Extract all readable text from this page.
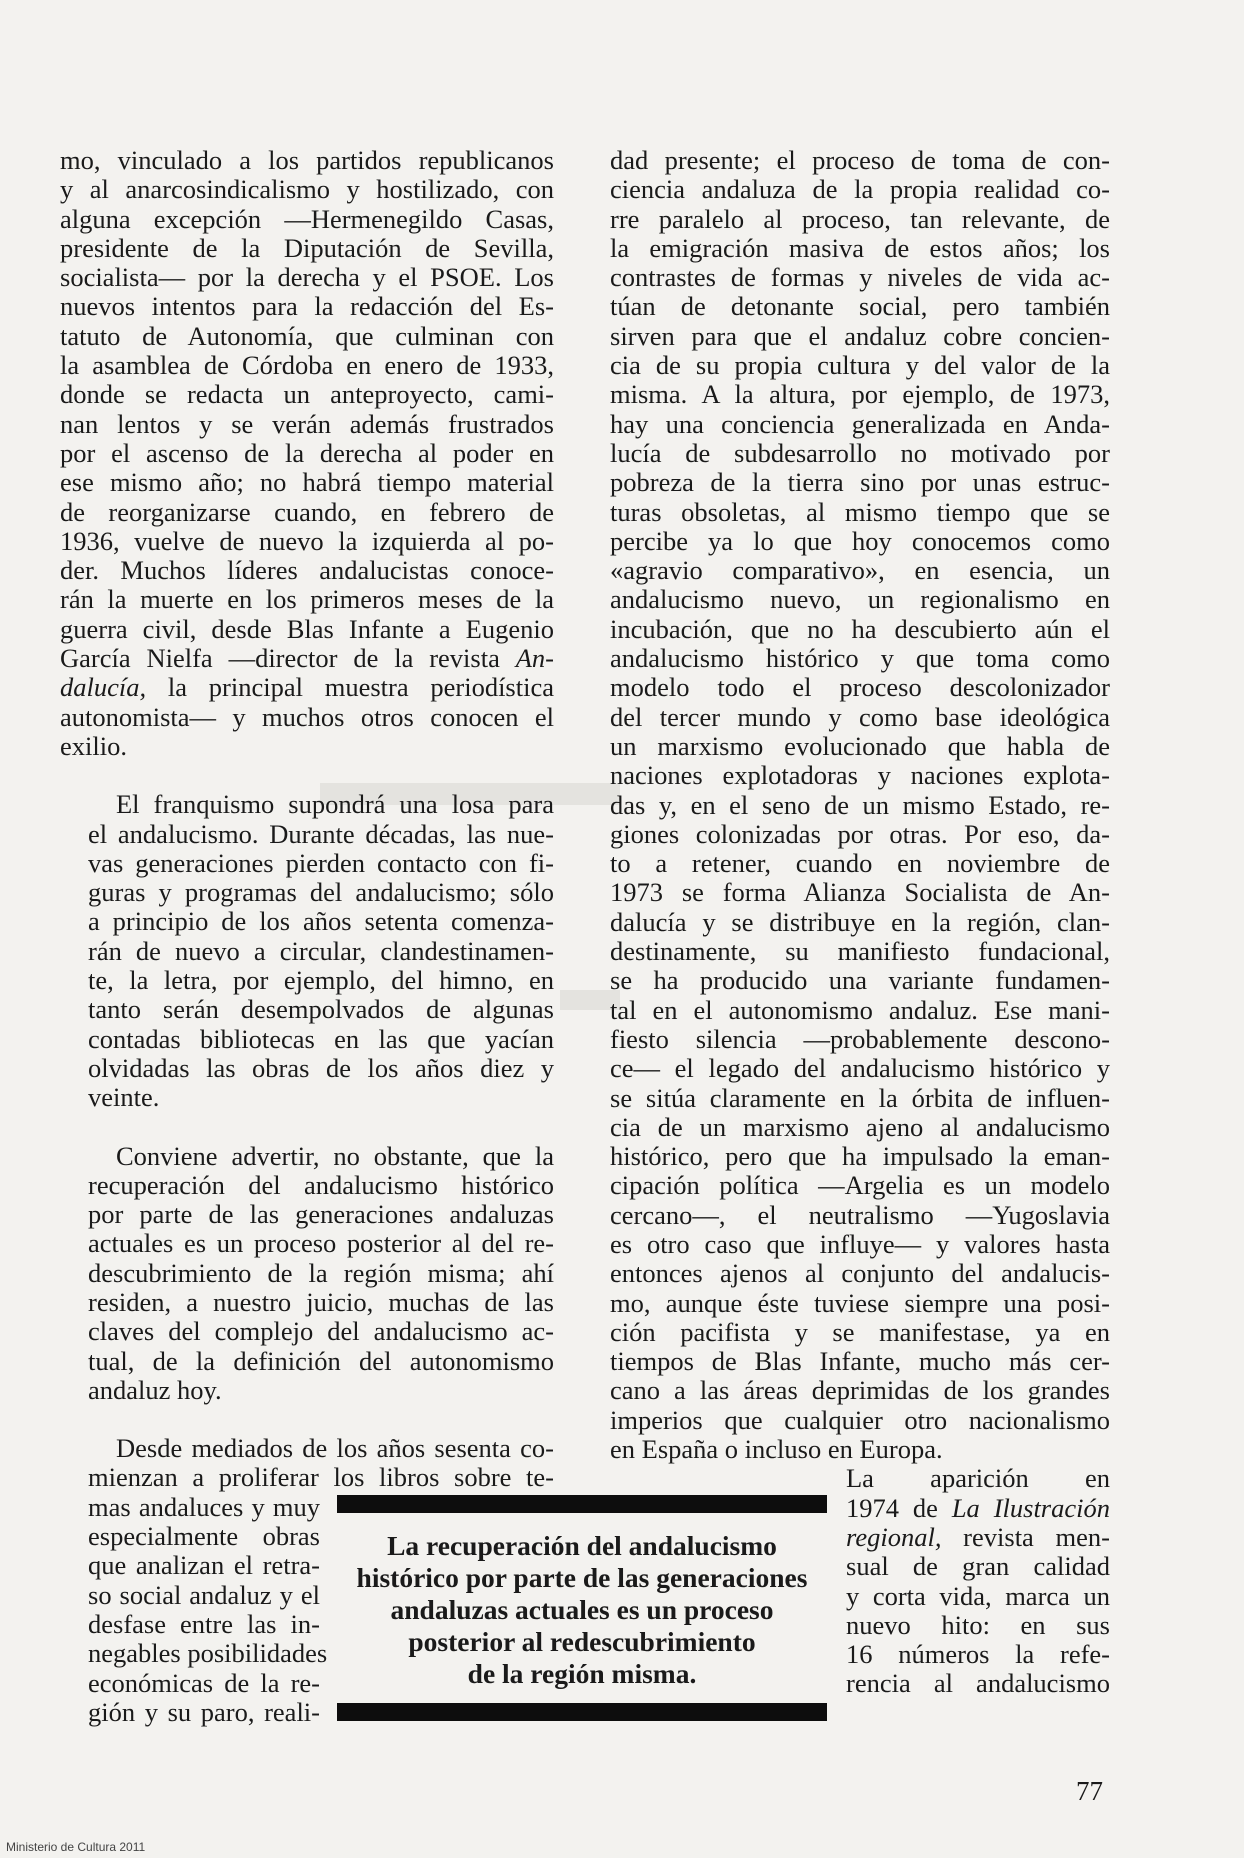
mo, vinculado a los partidos republicanos
y al anarcosindicalismo y hostilizado, con
alguna excepción —Hermenegildo Casas,
presidente de la Diputación de Sevilla,
socialista— por la derecha y el PSOE. Los
nuevos intentos para la redacción del Es-
tatuto de Autonomía, que culminan con
la asamblea de Córdoba en enero de 1933,
donde se redacta un anteproyecto, cami-
nan lentos y se verán además frustrados
por el ascenso de la derecha al poder en
ese mismo año; no habrá tiempo material
de reorganizarse cuando, en febrero de
1936, vuelve de nuevo la izquierda al po-
der. Muchos líderes andalucistas conoce-
rán la muerte en los primeros meses de la
guerra civil, desde Blas Infante a Eugenio
García Nielfa —director de la revista An-
dalucía, la principal muestra periodística
autonomista— y muchos otros conocen el
exilio.

El franquismo supondrá una losa para
el andalucismo. Durante décadas, las nue-
vas generaciones pierden contacto con fi-
guras y programas del andalucismo; sólo
a principio de los años setenta comenza-
rán de nuevo a circular, clandestinamen-
te, la letra, por ejemplo, del himno, en
tanto serán desempolvados de algunas
contadas bibliotecas en las que yacían
olvidadas las obras de los años diez y
veinte.

Conviene advertir, no obstante, que la
recuperación del andalucismo histórico
por parte de las generaciones andaluzas
actuales es un proceso posterior al del re-
descubrimiento de la región misma; ahí
residen, a nuestro juicio, muchas de las
claves del complejo del andalucismo ac-
tual, de la definición del autonomismo
andaluz hoy.

Desde mediados de los años sesenta co-
mienzan a proliferar los libros sobre te-
mas andaluces y muy
especialmente obras
que analizan el retra-
so social andaluz y el
desfase entre las in-
negables posibilidades
económicas de la re-
gión y su paro, reali-

dad presente; el proceso de toma de con-
ciencia andaluza de la propia realidad co-
rre paralelo al proceso, tan relevante, de
la emigración masiva de estos años; los
contrastes de formas y niveles de vida ac-
túan de detonante social, pero también
sirven para que el andaluz cobre concien-
cia de su propia cultura y del valor de la
misma. A la altura, por ejemplo, de 1973,
hay una conciencia generalizada en Anda-
lucía de subdesarrollo no motivado por
pobreza de la tierra sino por unas estruc-
turas obsoletas, al mismo tiempo que se
percibe ya lo que hoy conocemos como
«agravio comparativo», en esencia, un
andalucismo nuevo, un regionalismo en
incubación, que no ha descubierto aún el
andalucismo histórico y que toma como
modelo todo el proceso descolonizador
del tercer mundo y como base ideológica
un marxismo evolucionado que habla de
naciones explotadoras y naciones explota-
das y, en el seno de un mismo Estado, re-
giones colonizadas por otras. Por eso, da-
to a retener, cuando en noviembre de
1973 se forma Alianza Socialista de An-
dalucía y se distribuye en la región, clan-
destinamente, su manifiesto fundacional,
se ha producido una variante fundamen-
tal en el autonomismo andaluz. Ese mani-
fiesto silencia —probablemente descono-
ce— el legado del andalucismo histórico y
se sitúa claramente en la órbita de influen-
cia de un marxismo ajeno al andalucismo
histórico, pero que ha impulsado la eman-
cipación política —Argelia es un modelo
cercano—, el neutralismo —Yugoslavia
es otro caso que influye— y valores hasta
entonces ajenos al conjunto del andalucis-
mo, aunque éste tuviese siempre una posi-
ción pacifista y se manifestase, ya en
tiempos de Blas Infante, mucho más cer-
cano a las áreas deprimidas de los grandes
imperios que cualquier otro nacionalismo
en España o incluso en Europa.

La aparición en
1974 de La Ilustración
regional, revista men-
sual de gran calidad
y corta vida, marca un
nuevo hito: en sus
16 números la refe-
rencia al andalucismo
La recuperación del andalucismo
histórico por parte de las generaciones
andaluzas actuales es un proceso
posterior al redescubrimiento
de la región misma.
77
Ministerio de Cultura 2011
